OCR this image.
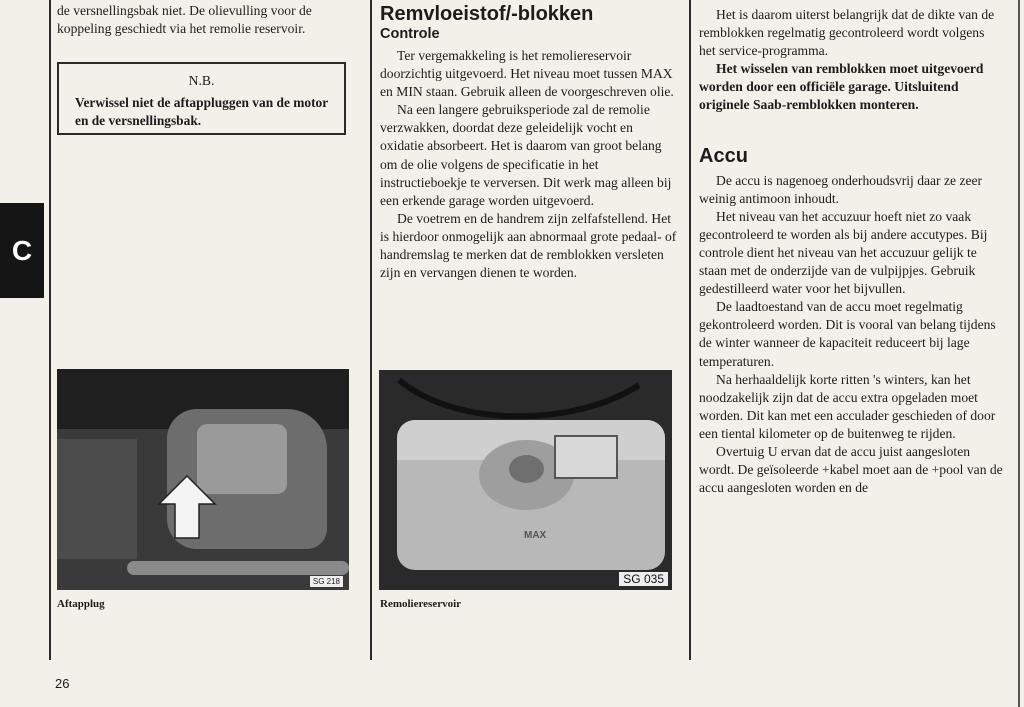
C

de versnellingsbak niet. De olievulling voor de koppeling geschiedt via het remolie reservoir.

N.B.
Verwissel niet de aftappluggen van de motor en de versnellingsbak.
SG 218
Aftapplug
Remvloeistof/-blokken
Controle

Ter vergemakkeling is het remoliereservoir doorzichtig uitgevoerd. Het niveau moet tussen MAX en MIN staan. Gebruik alleen de voorgeschreven olie.

Na een langere gebruiksperiode zal de remolie verzwakken, doordat deze geleidelijk vocht en oxidatie absorbeert. Het is daarom van groot belang om de olie volgens de specificatie in het instructieboekje te verversen. Dit werk mag alleen bij een erkende garage worden uitgevoerd.

De voetrem en de handrem zijn zelfafstellend. Het is hierdoor onmogelijk aan abnormaal grote pedaal- of handremslag te merken dat de remblokken versleten zijn en vervangen dienen te worden.

MAX
SG 035
Remoliereservoir

Het is daarom uiterst belangrijk dat de dikte van de remblokken regelmatig gecontroleerd wordt volgens het service-programma.

Het wisselen van remblokken moet uitgevoerd worden door een officiële garage. Uitsluitend originele Saab-remblokken monteren.

Accu

De accu is nagenoeg onderhoudsvrij daar ze zeer weinig antimoon inhoudt.

Het niveau van het accuzuur hoeft niet zo vaak gecontroleerd te worden als bij andere accutypes. Bij controle dient het niveau van het accuzuur gelijk te staan met de onderzijde van de vulpijpjes. Gebruik gedestilleerd water voor het bijvullen.

De laadtoestand van de accu moet regelmatig gekontroleerd worden. Dit is vooral van belang tijdens de winter wanneer de kapaciteit reduceert bij lage temperaturen.

Na herhaaldelijk korte ritten 's winters, kan het noodzakelijk zijn dat de accu extra opgeladen moet worden. Dit kan met een acculader geschieden of door een tiental kilometer op de buitenweg te rijden.

Overtuig U ervan dat de accu juist aangesloten wordt. De geïsoleerde +kabel moet aan de +pool van de accu aangesloten worden en de

26
